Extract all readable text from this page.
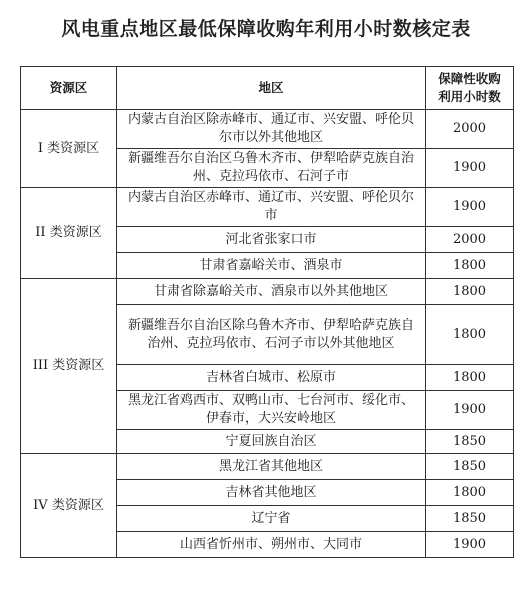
风电重点地区最低保障收购年利用小时数核定表
资源区	地区	保障性收购
利用小时数
I 类资源区	内蒙古自治区除赤峰市、通辽市、兴安盟、呼伦贝尔市以外其他地区	2000
	新疆维吾尔自治区乌鲁木齐市、伊犁哈萨克族自治州、克拉玛依市、石河子市	1900
II 类资源区	内蒙古自治区赤峰市、通辽市、兴安盟、呼伦贝尔市	1900
	河北省张家口市	2000
	甘肃省嘉峪关市、酒泉市	1800
III 类资源区	甘肃省除嘉峪关市、酒泉市以外其他地区	1800
	新疆维吾尔自治区除乌鲁木齐市、伊犁哈萨克族自治州、克拉玛依市、石河子市以外其他地区	1800
	吉林省白城市、松原市	1800
	黑龙江省鸡西市、双鸭山市、七台河市、绥化市、伊春市，大兴安岭地区	1900
	宁夏回族自治区	1850
IV 类资源区	黑龙江省其他地区	1850
	吉林省其他地区	1800
	辽宁省	1850
	山西省忻州市、朔州市、大同市	1900
